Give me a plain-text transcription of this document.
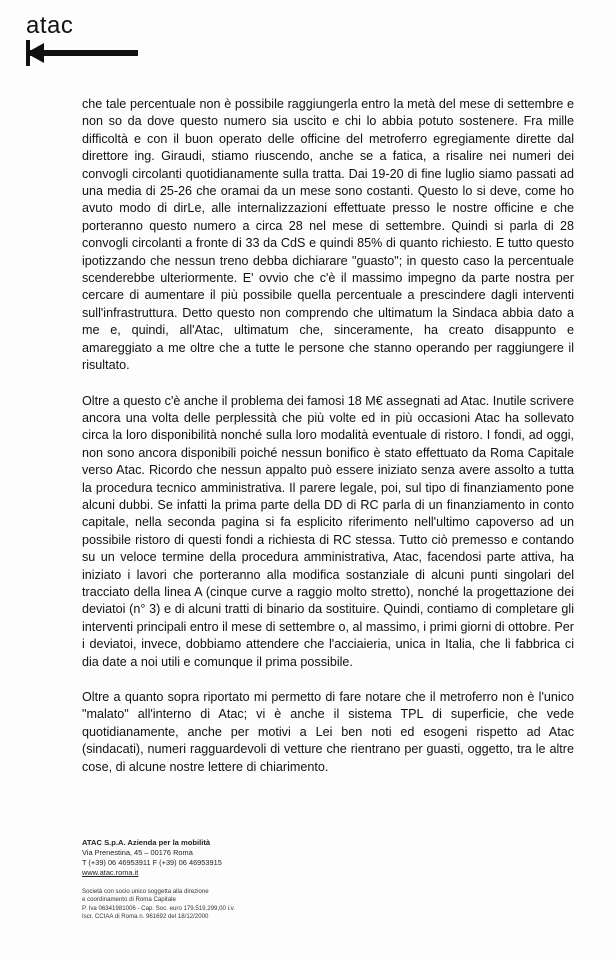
atac

che tale percentuale non è possibile raggiungerla entro la metà del mese di settembre e non so da dove questo numero sia uscito e chi lo abbia potuto sostenere. Fra mille difficoltà e con il buon operato delle officine del metroferro egregiamente dirette dal direttore ing. Giraudi, stiamo riuscendo, anche se a fatica, a risalire nei numeri dei convogli circolanti quotidianamente sulla tratta. Dai 19-20 di fine luglio siamo passati ad una media di 25-26 che oramai da un mese sono costanti. Questo lo si deve, come ho avuto modo di dirLe, alle internalizzazioni effettuate presso le nostre officine e che porteranno questo numero a circa 28 nel mese di settembre. Quindi si parla di 28 convogli circolanti a fronte di 33 da CdS e quindi 85% di quanto richiesto. E tutto questo ipotizzando che nessun treno debba dichiarare "guasto"; in questo caso la percentuale scenderebbe ulteriormente. E' ovvio che c'è il massimo impegno da parte nostra per cercare di aumentare il più possibile quella percentuale a prescindere dagli interventi sull'infrastruttura. Detto questo non comprendo che ultimatum la Sindaca abbia dato a me e, quindi, all'Atac, ultimatum che, sinceramente, ha creato disappunto e amareggiato a me oltre che a tutte le persone che stanno operando per raggiungere il risultato.

Oltre a questo c'è anche il problema dei famosi 18 M€ assegnati ad Atac. Inutile scrivere ancora una volta delle perplessità che più volte ed in più occasioni Atac ha sollevato circa la loro disponibilità nonché sulla loro modalità eventuale di ristoro. I fondi, ad oggi, non sono ancora disponibili poiché nessun bonifico è stato effettuato da Roma Capitale verso Atac. Ricordo che nessun appalto può essere iniziato senza avere assolto a tutta la procedura tecnico amministrativa. Il parere legale, poi, sul tipo di finanziamento pone alcuni dubbi. Se infatti la prima parte della DD di RC parla di un finanziamento in conto capitale, nella seconda pagina si fa esplicito riferimento nell'ultimo capoverso ad un possibile ristoro di questi fondi a richiesta di RC stessa. Tutto ciò premesso e contando su un veloce termine della procedura amministrativa, Atac, facendosi parte attiva, ha iniziato i lavori che porteranno alla modifica sostanziale di alcuni punti singolari del tracciato della linea A (cinque curve a raggio molto stretto), nonché la progettazione dei deviatoi (n° 3) e di alcuni tratti di binario da sostituire. Quindi, contiamo di completare gli interventi principali entro il mese di settembre o, al massimo, i primi giorni di ottobre. Per i deviatoi, invece, dobbiamo attendere che l'acciaieria, unica in Italia, che li fabbrica ci dia date a noi utili e comunque il prima possibile.

Oltre a quanto sopra riportato mi permetto di fare notare che il metroferro non è l'unico "malato" all'interno di Atac; vi è anche il sistema TPL di superficie, che vede quotidianamente, anche per motivi a Lei ben noti ed esogeni rispetto ad Atac (sindacati), numeri ragguardevoli di vetture che rientrano per guasti, oggetto, tra le altre cose, di alcune nostre lettere di chiarimento.

ATAC S.p.A. Azienda per la mobilità
Via Prenestina, 45 – 00176 Roma
T (+39) 06 46953911 F (+39) 06 46953915
www.atac.roma.it
Società con socio unico soggetta alla direzione
e coordinamento di Roma Capitale
P. Iva 06341981006 - Cap. Soc. euro 179.519.299,00 i.v.
Iscr. CCIAA di Roma n. 961692 del 18/12/2000
